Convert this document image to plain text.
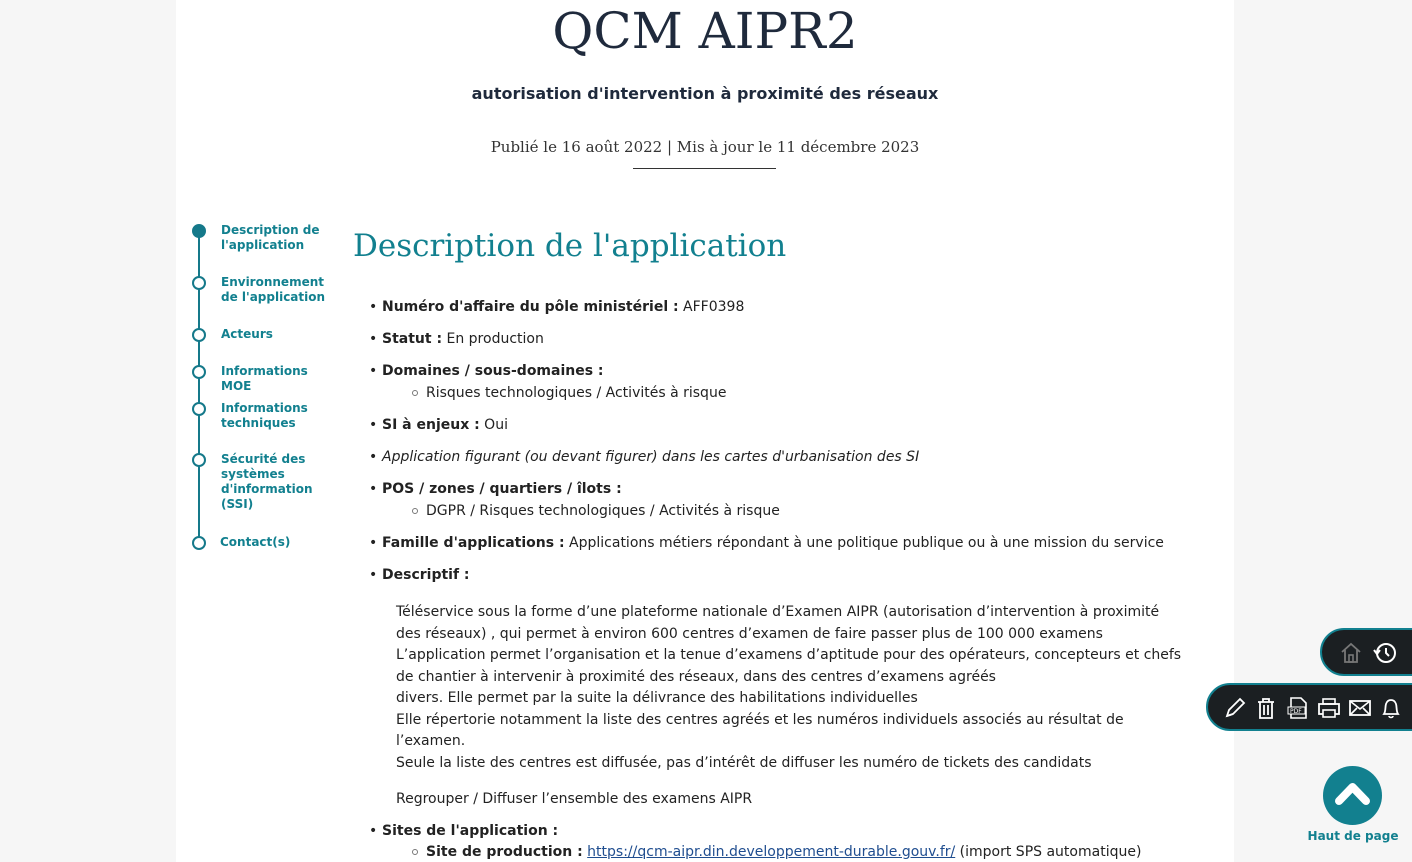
QCM AIPR2
autorisation d'intervention à proximité des réseaux
Publié le 16 août 2022 | Mis à jour le 11 décembre 2023
Description de l'application
Environnement de l'application
Acteurs
Informations MOE
Informations techniques
Sécurité des systèmes d'information (SSI)
Contact(s)
Description de l'application
• Numéro d'affaire du pôle ministériel : AFF0398
• Statut : En production
• Domaines / sous-domaines :
Risques technologiques / Activités à risque
• SI à enjeux : Oui
• Application figurant (ou devant figurer) dans les cartes d'urbanisation des SI
• POS / zones / quartiers / îlots :
DGPR / Risques technologiques / Activités à risque
• Famille d'applications : Applications métiers répondant à une politique publique ou à une mission du service
• Descriptif :
Téléservice sous la forme d’une plateforme nationale d’Examen AIPR (autorisation d’intervention à proximité
des réseaux) , qui permet à environ 600 centres d’examen de faire passer plus de 100 000 examens
L’application permet l’organisation et la tenue d’examens d’aptitude pour des opérateurs, concepteurs et chefs
de chantier à intervenir à proximité des réseaux, dans des centres d’examens agréés
divers. Elle permet par la suite la délivrance des habilitations individuelles
Elle répertorie notamment la liste des centres agréés et les numéros individuels associés au résultat de
l’examen.
Seule la liste des centres est diffusée, pas d’intérêt de diffuser les numéro de tickets des candidats
Regrouper / Diffuser l’ensemble des examens AIPR
• Sites de l'application :
Site de production : https://qcm-aipr.din.developpement-durable.gouv.fr/ (import SPS automatique)
PDF
Haut de page
